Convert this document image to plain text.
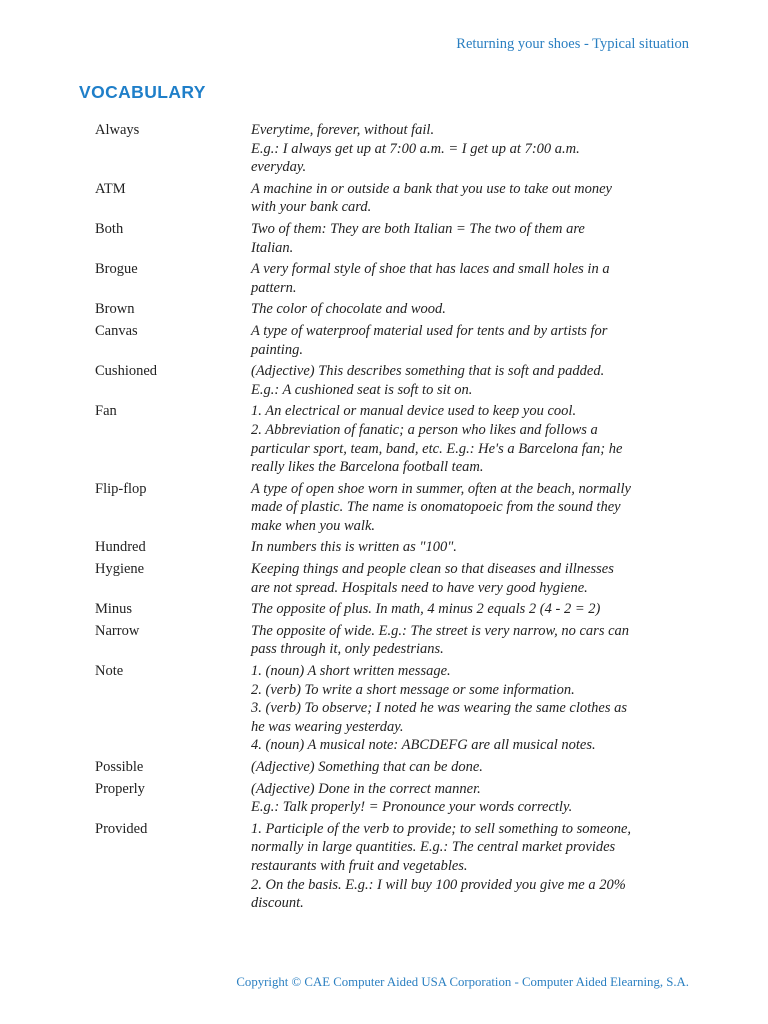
Returning your shoes - Typical situation
VOCABULARY
Always	Everytime, forever, without fail.
E.g.: I always get up at 7:00 a.m. = I get up at 7:00 a.m.
everyday.
ATM	A machine in or outside a bank that you use to take out money
with your bank card.
Both	Two of them: They are both Italian = The two of them are
Italian.
Brogue	A very formal style of shoe that has laces and small holes in a
pattern.
Brown	The color of chocolate and wood.
Canvas	A type of waterproof material used for tents and by artists for
painting.
Cushioned	(Adjective) This describes something that is soft and padded.
E.g.: A cushioned seat is soft to sit on.
Fan	1. An electrical or manual device used to keep you cool.
2. Abbreviation of fanatic; a person who likes and follows a
particular sport, team, band, etc. E.g.: He's a Barcelona fan; he
really likes the Barcelona football team.
Flip-flop	A type of open shoe worn in summer, often at the beach, normally
made of plastic. The name is onomatopoeic from the sound they
make when you walk.
Hundred	In numbers this is written as "100".
Hygiene	Keeping things and people clean so that diseases and illnesses
are not spread. Hospitals need to have very good hygiene.
Minus	The opposite of plus. In math, 4 minus 2 equals 2 (4 - 2 = 2)
Narrow	The opposite of wide. E.g.: The street is very narrow, no cars can
pass through it, only pedestrians.
Note	1. (noun) A short written message.
2. (verb) To write a short message or some information.
3. (verb) To observe; I noted he was wearing the same clothes as
he was wearing yesterday.
4. (noun) A musical note: ABCDEFG are all musical notes.
Possible	(Adjective) Something that can be done.
Properly	(Adjective) Done in the correct manner.
E.g.: Talk properly! = Pronounce your words correctly.
Provided	1. Participle of the verb to provide; to sell something to someone,
normally in large quantities. E.g.: The central market provides
restaurants with fruit and vegetables.
2. On the basis. E.g.: I will buy 100 provided you give me a 20%
discount.
Copyright © CAE Computer Aided USA Corporation - Computer Aided Elearning, S.A.
